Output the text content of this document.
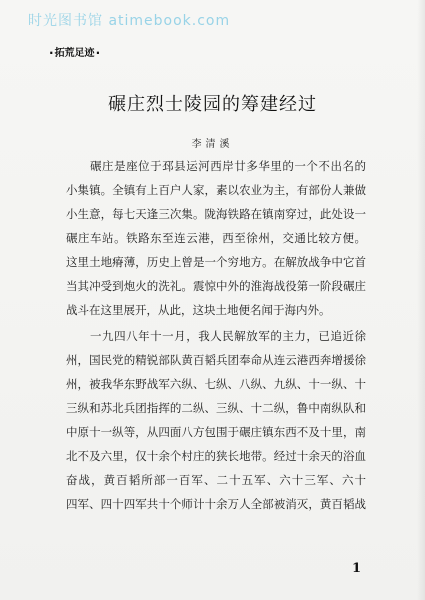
时光图书馆 atimebook.com
·拓荒足迹·
碾庄烈士陵园的筹建经过
李清溪
　　碾庄是座位于邳县运河西岸廿多华里的一个不出名的
小集镇。全镇有上百户人家，素以农业为主，有部份人兼做
小生意，每七天逢三次集。陇海铁路在镇南穿过，此处设一
碾庄车站。铁路东至连云港，西至徐州，交通比较方便。
这里土地瘠薄，历史上曾是一个穷地方。在解放战争中它首
当其冲受到炮火的洗礼。震惊中外的淮海战役第一阶段碾庄
战斗在这里展开，从此，这块土地便名闻于海内外。
　　一九四八年十一月，我人民解放军的主力，已追近徐
州，国民党的精锐部队黄百韬兵团奉命从连云港西奔增援徐
州，被我华东野战军六纵、七纵、八纵、九纵、十一纵、十
三纵和苏北兵团指挥的二纵、三纵、十二纵，鲁中南纵队和
中原十一纵等，从四面八方包围于碾庄镇东西不及十里，南
北不及六里，仅十余个村庄的狭长地带。经过十余天的浴血
奋战，黄百韬所部一百军、二十五军、六十三军、六十
四军、四十四军共十个师计十余万人全部被消灭，黄百韬战
1
